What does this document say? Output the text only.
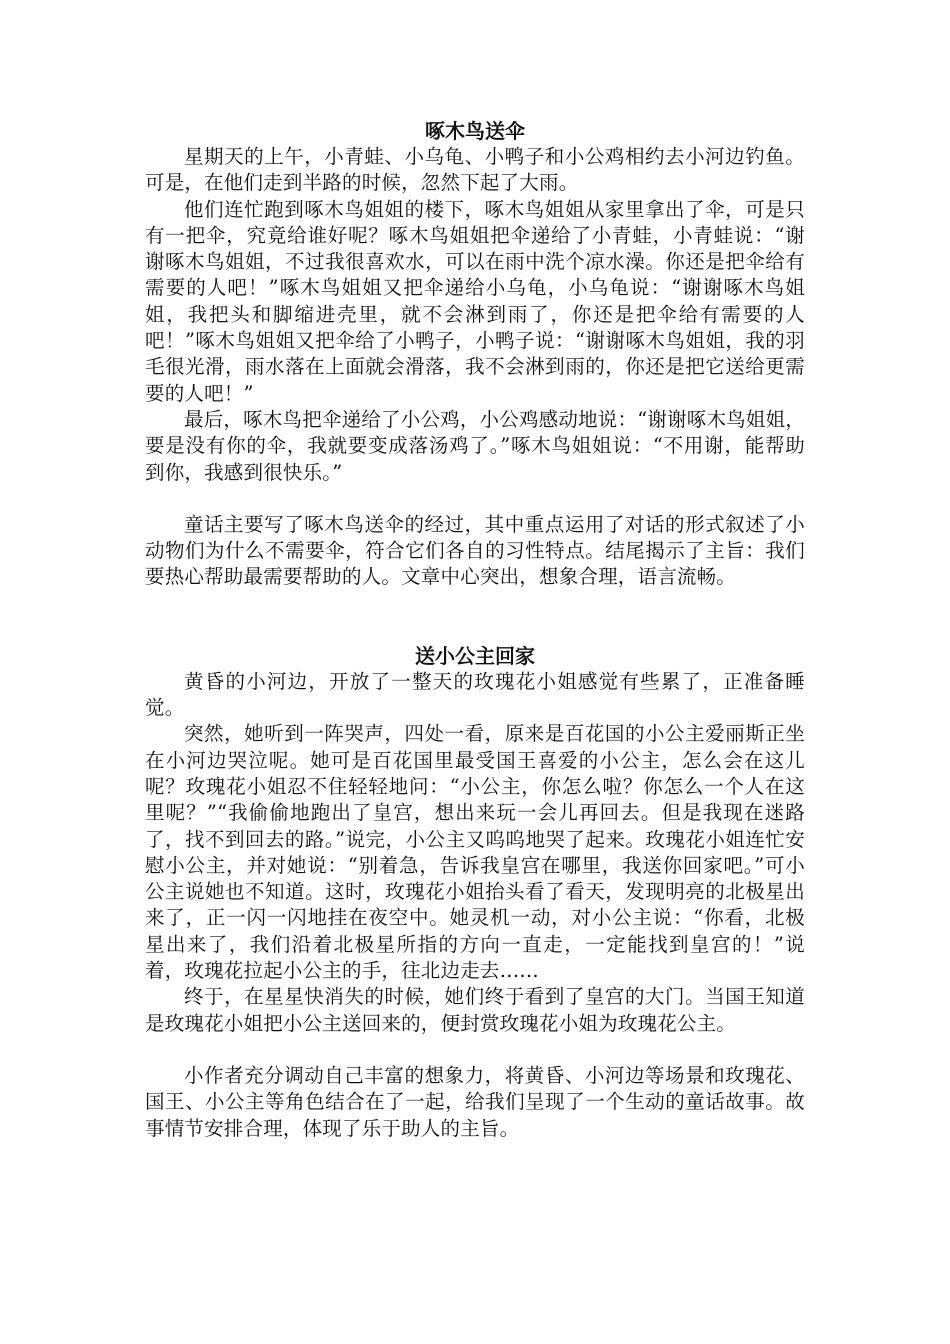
啄木鸟送伞

星期天的上午，小青蛙、小乌龟、小鸭子和小公鸡相约去小河边钓鱼。可是，在他们走到半路的时候，忽然下起了大雨。

他们连忙跑到啄木鸟姐姐的楼下，啄木鸟姐姐从家里拿出了伞，可是只有一把伞，究竟给谁好呢？啄木鸟姐姐把伞递给了小青蛙，小青蛙说：“谢谢啄木鸟姐姐，不过我很喜欢水，可以在雨中洗个凉水澡。你还是把伞给有需要的人吧！”啄木鸟姐姐又把伞递给小乌龟，小乌龟说：“谢谢啄木鸟姐姐，我把头和脚缩进壳里，就不会淋到雨了，你还是把伞给有需要的人吧！”啄木鸟姐姐又把伞给了小鸭子，小鸭子说：“谢谢啄木鸟姐姐，我的羽毛很光滑，雨水落在上面就会滑落，我不会淋到雨的，你还是把它送给更需要的人吧！”

最后，啄木鸟把伞递给了小公鸡，小公鸡感动地说：“谢谢啄木鸟姐姐，要是没有你的伞，我就要变成落汤鸡了。”啄木鸟姐姐说：“不用谢，能帮助到你，我感到很快乐。”

童话主要写了啄木鸟送伞的经过，其中重点运用了对话的形式叙述了小动物们为什么不需要伞，符合它们各自的习性特点。结尾揭示了主旨：我们要热心帮助最需要帮助的人。文章中心突出，想象合理，语言流畅。

送小公主回家

黄昏的小河边，开放了一整天的玫瑰花小姐感觉有些累了，正准备睡觉。

突然，她听到一阵哭声，四处一看，原来是百花国的小公主爱丽斯正坐在小河边哭泣呢。她可是百花国里最受国王喜爱的小公主，怎么会在这儿呢？玫瑰花小姐忍不住轻轻地问：“小公主，你怎么啦？你怎么一个人在这里呢？”“我偷偷地跑出了皇宫，想出来玩一会儿再回去。但是我现在迷路了，找不到回去的路。”说完，小公主又呜呜地哭了起来。玫瑰花小姐连忙安慰小公主，并对她说：“别着急，告诉我皇宫在哪里，我送你回家吧。”可小公主说她也不知道。这时，玫瑰花小姐抬头看了看天，发现明亮的北极星出来了，正一闪一闪地挂在夜空中。她灵机一动，对小公主说：“你看，北极星出来了，我们沿着北极星所指的方向一直走，一定能找到皇宫的！”说着，玫瑰花拉起小公主的手，往北边走去……

终于，在星星快消失的时候，她们终于看到了皇宫的大门。当国王知道是玫瑰花小姐把小公主送回来的，便封赏玫瑰花小姐为玫瑰花公主。

小作者充分调动自己丰富的想象力，将黄昏、小河边等场景和玫瑰花、国王、小公主等角色结合在了一起，给我们呈现了一个生动的童话故事。故事情节安排合理，体现了乐于助人的主旨。
